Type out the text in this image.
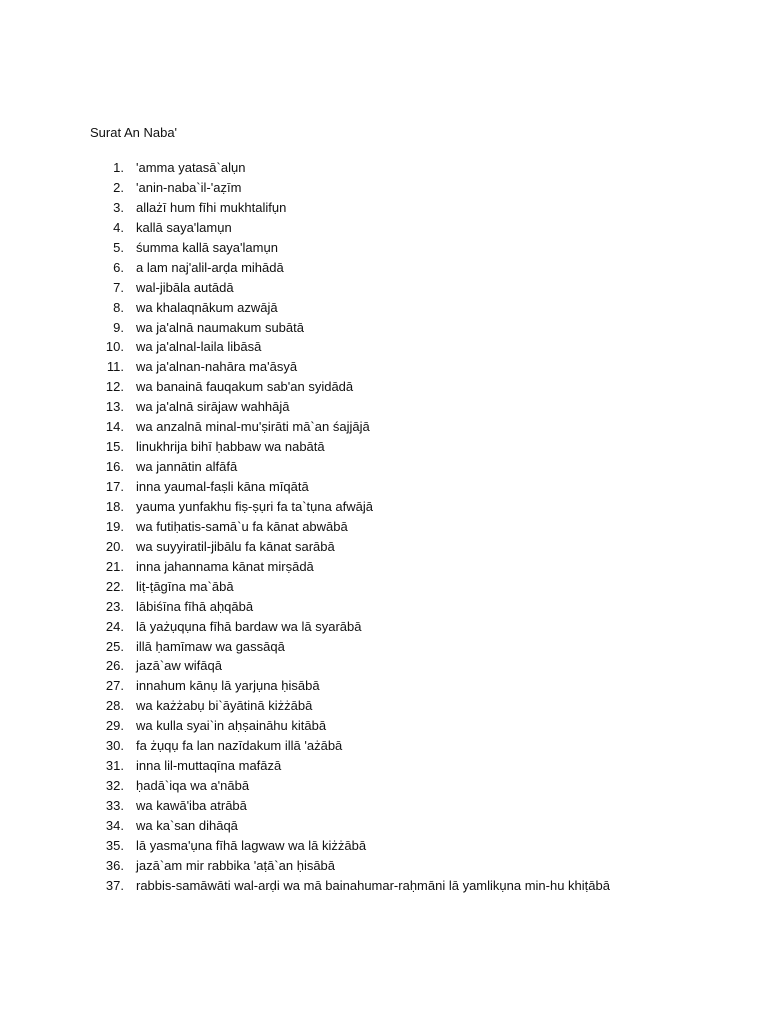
Surat An Naba'
1. 'amma yatasā`alụn
2. 'anin-naba`il-'aẓīm
3. allażī hum fīhi mukhtalifụn
4. kallā saya'lamụn
5. śumma kallā saya'lamụn
6. a lam naj'alil-arḍa mihādā
7. wal-jibāla autādā
8. wa khalaqnākum azwājā
9. wa ja'alnā naumakum subātā
10. wa ja'alnal-laila libāsā
11. wa ja'alnan-nahāra ma'āsyā
12. wa banainā fauqakum sab'an syidādā
13. wa ja'alnā sirājaw wahhājā
14. wa anzalnā minal-mu'ṣirāti mā`an śajjājā
15. linukhrija bihī ḥabbaw wa nabātā
16. wa jannātin alfāfā
17. inna yaumal-faṣli kāna mīqātā
18. yauma yunfakhu fiṣ-ṣụri fa ta`tụna afwājā
19. wa futiḥatis-samā`u fa kānat abwābā
20. wa suyyiratil-jibālu fa kānat sarābā
21. inna jahannama kānat mirṣādā
22. liṭ-ṭāgīna ma`ābā
23. lābiśīna fīhā aḥqābā
24. lā yażụqụna fīhā bardaw wa lā syarābā
25. illā ḥamīmaw wa gassāqā
26. jazā`aw wifāqā
27. innahum kānụ lā yarjụna ḥisābā
28. wa każżabụ bi`āyātinā kiżżābā
29. wa kulla syai`in aḥṣaināhu kitābā
30. fa żụqụ fa lan nazīdakum illā 'ażābā
31. inna lil-muttaqīna mafāzā
32. ḥadā`iqa wa a'nābā
33. wa kawā'iba atrābā
34. wa ka`san dihāqā
35. lā yasma'ụna fīhā lagwaw wa lā kiżżābā
36. jazā`am mir rabbika 'aṭā`an ḥisābā
37. rabbis-samāwāti wal-arḍi wa mā bainahumar-raḥmāni lā yamlikụna min-hu khiṭābā
